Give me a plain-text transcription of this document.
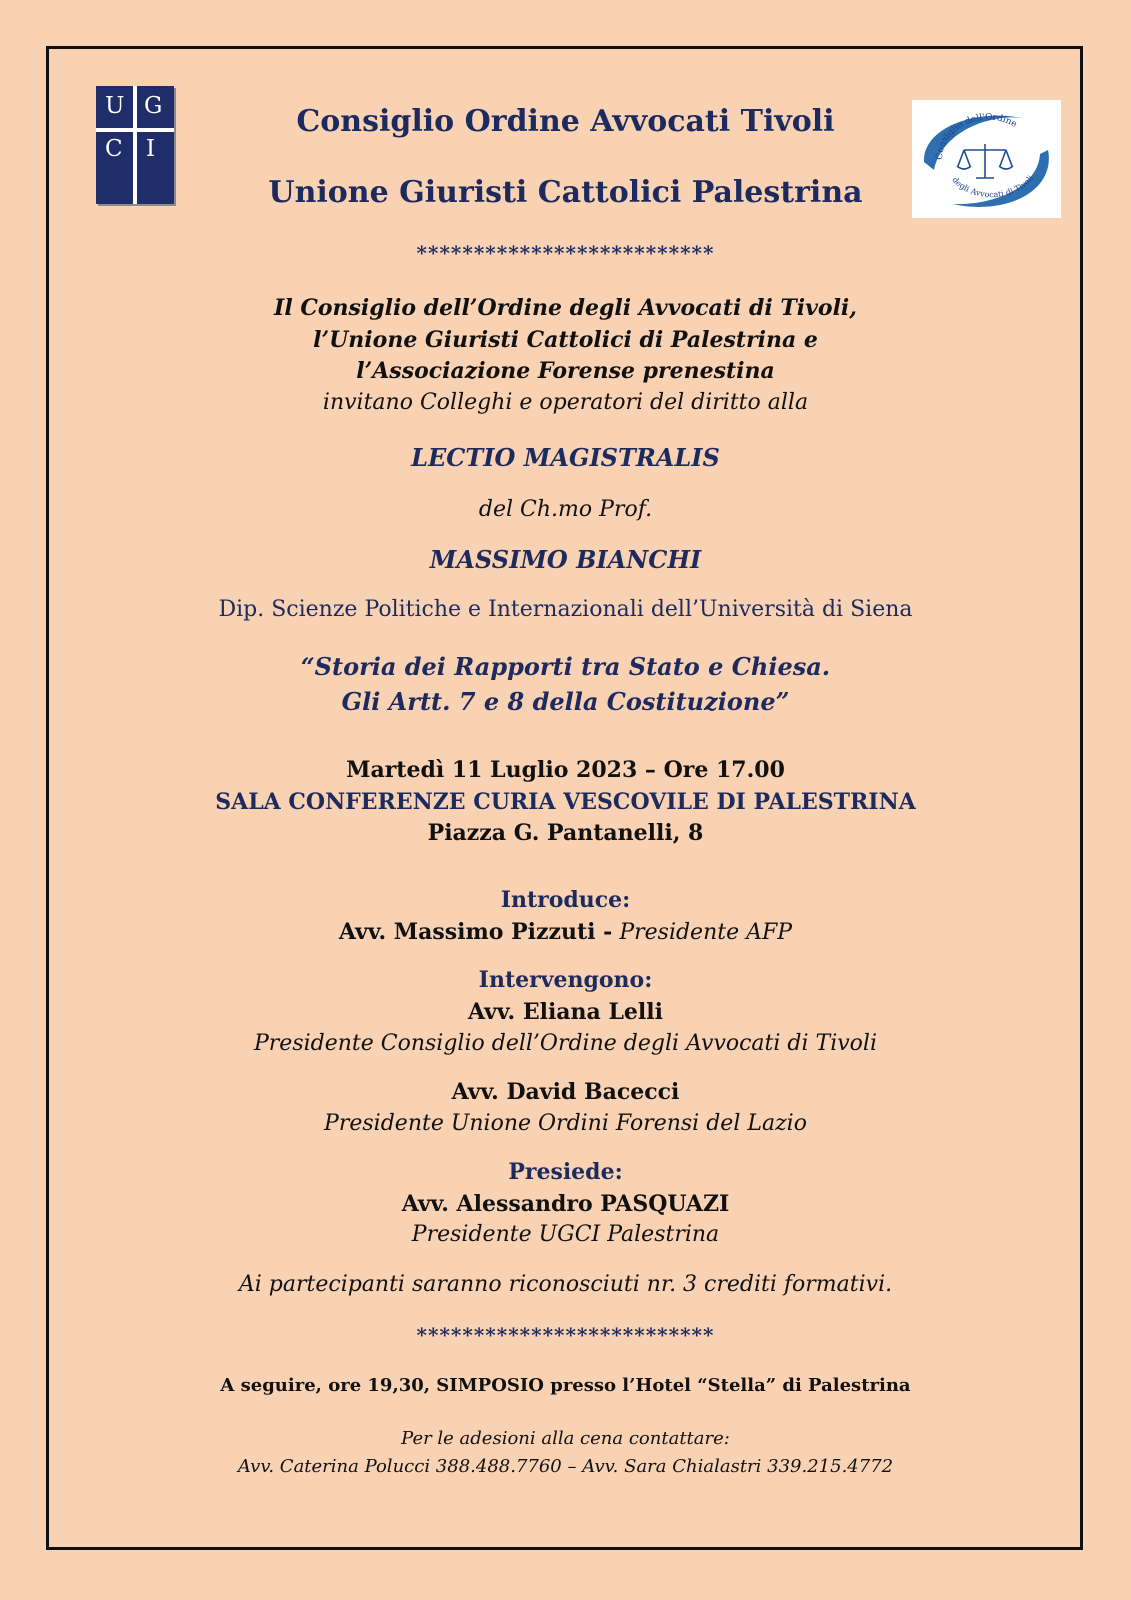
U G
C I	Consiglio dell'Ordine
degli Avvocati di Tivoli

Consiglio Ordine Avvocati Tivoli

Unione Giuristi Cattolici Palestrina

**************************

Il Consiglio dell’Ordine degli Avvocati di Tivoli,

l’Unione Giuristi Cattolici di Palestrina e

l’Associazione Forense prenestina

invitano Colleghi e operatori del diritto alla

LECTIO MAGISTRALIS

del Ch.mo Prof.

MASSIMO BIANCHI

Dip. Scienze Politiche e Internazionali dell’Università di Siena

“Storia dei Rapporti tra Stato e Chiesa.

Gli Artt. 7 e 8 della Costituzione”

Martedì 11 Luglio 2023 – Ore 17.00

SALA CONFERENZE CURIA VESCOVILE DI PALESTRINA

Piazza G. Pantanelli, 8

Introduce:

Avv. Massimo Pizzuti - Presidente AFP

Intervengono:

Avv. Eliana Lelli

Presidente Consiglio dell’Ordine degli Avvocati di Tivoli

Avv. David Bacecci

Presidente Unione Ordini Forensi del Lazio

Presiede:

Avv. Alessandro PASQUAZI

Presidente UGCI Palestrina

Ai partecipanti saranno riconosciuti nr. 3 crediti formativi.

**************************

A seguire, ore 19,30, SIMPOSIO presso l’Hotel “Stella” di Palestrina

Per le adesioni alla cena contattare:

Avv. Caterina Polucci 388.488.7760 – Avv. Sara Chialastri 339.215.4772
